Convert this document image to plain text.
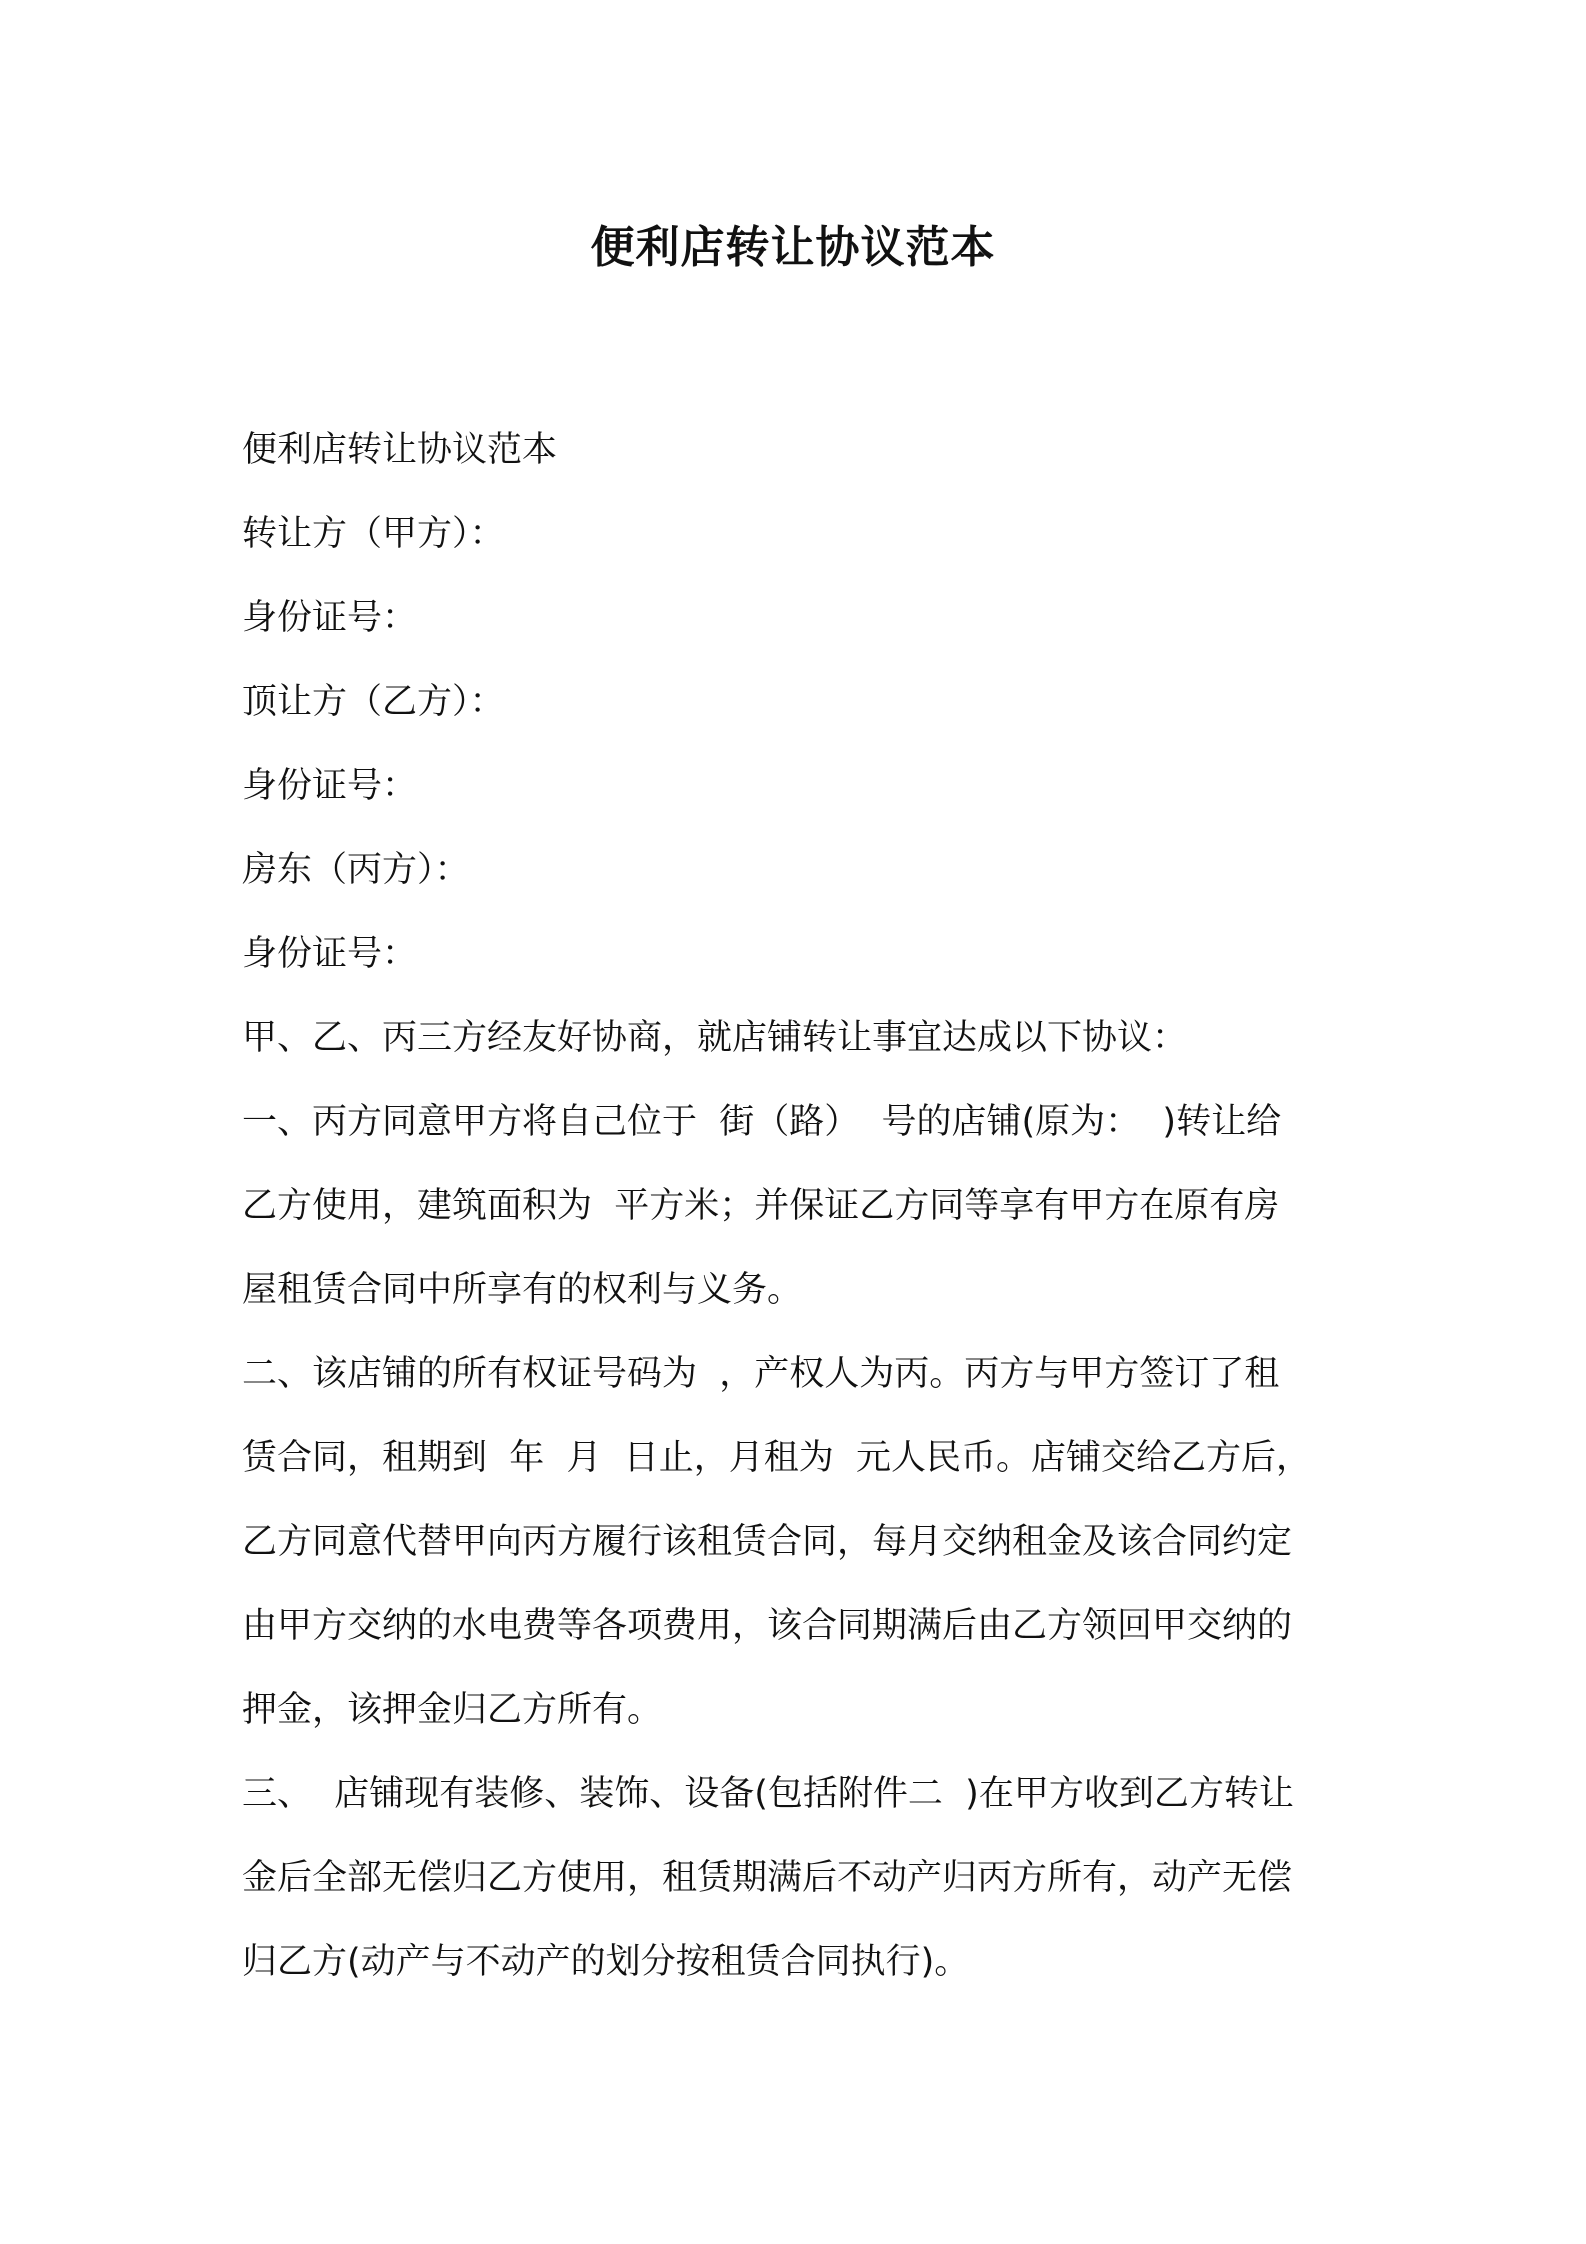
便利店转让协议范本
便利店转让协议范本
转让方（甲方）：
身份证号：
顶让方（乙方）：
身份证号：
房东（丙方）：
身份证号：
甲、乙、丙三方经友好协商，就店铺转让事宜达成以下协议：
一、丙方同意甲方将自己位于  街（路）  号的店铺(原为：  )转让给
乙方使用，建筑面积为  平方米；并保证乙方同等享有甲方在原有房
屋租赁合同中所享有的权利与义务。
二、该店铺的所有权证号码为  ，产权人为丙。丙方与甲方签订了租
赁合同，租期到  年  月  日止，月租为  元人民币。店铺交给乙方后，
乙方同意代替甲向丙方履行该租赁合同，每月交纳租金及该合同约定
由甲方交纳的水电费等各项费用，该合同期满后由乙方领回甲交纳的
押金，该押金归乙方所有。
三、  店铺现有装修、装饰、设备(包括附件二  )在甲方收到乙方转让
金后全部无偿归乙方使用，租赁期满后不动产归丙方所有，动产无偿
归乙方(动产与不动产的划分按租赁合同执行)。
